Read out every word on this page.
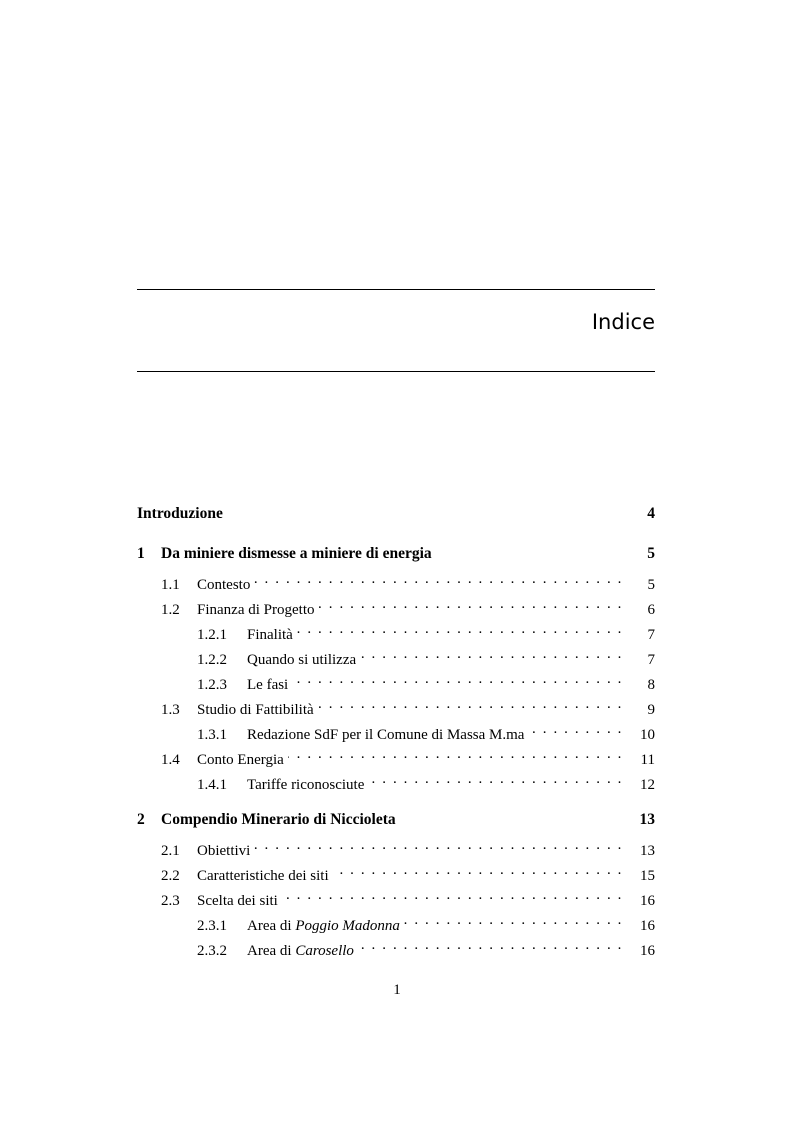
Indice
Introduzione	4
1	Da miniere dismesse a miniere di energia	5
1.1	Contesto . . .	5
1.2	Finanza di Progetto . . .	6
1.2.1	Finalità . . .	7
1.2.2	Quando si utilizza . . .	7
1.2.3	Le fasi . . .	8
1.3	Studio di Fattibilità . . .	9
1.3.1	Redazione SdF per il Comune di Massa M.ma . . .	10
1.4	Conto Energia . . .	11
1.4.1	Tariffe riconosciute . . .	12
2	Compendio Minerario di Niccioleta	13
2.1	Obiettivi . . .	13
2.2	Caratteristiche dei siti . . .	15
2.3	Scelta dei siti . . .	16
2.3.1	Area di Poggio Madonna . . .	16
2.3.2	Area di Carosello . . .	16
1
